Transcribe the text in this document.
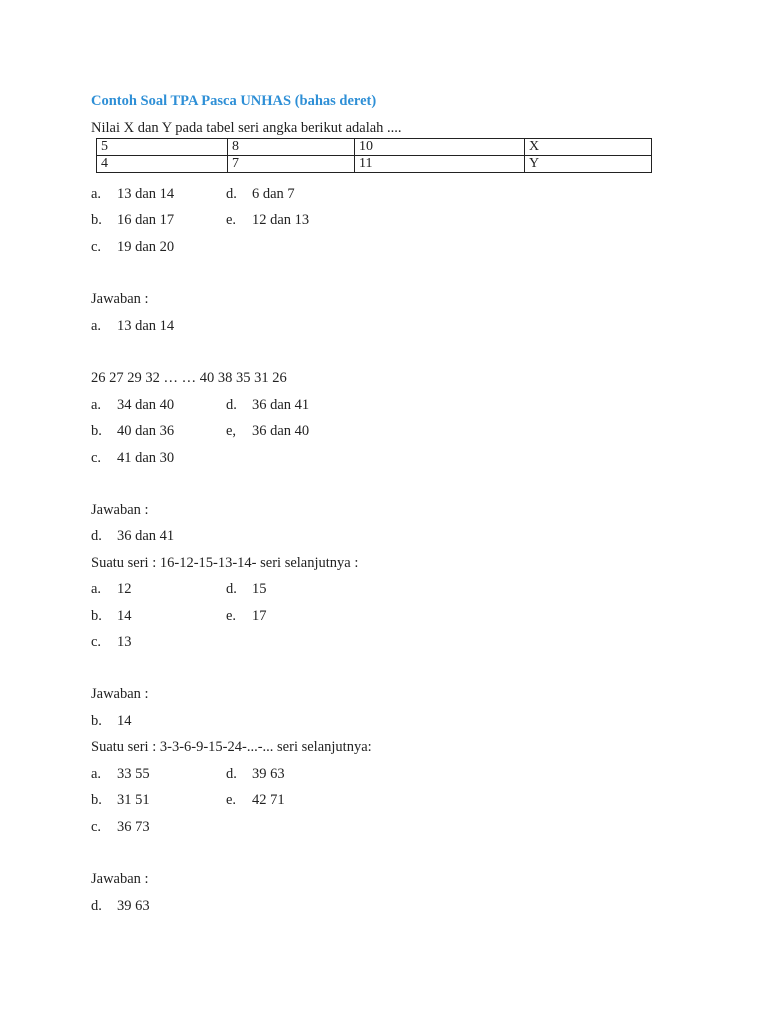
Contoh Soal TPA Pasca UNHAS (bahas deret)
Nilai X dan Y pada tabel seri angka berikut adalah ....
5	8	10	X
4	7	11	Y
a. 13 dan 14	d. 6 dan 7
b. 16 dan 17	e. 12 dan 13
c. 19 dan 20
Jawaban :
a. 13 dan 14
26 27 29 32 … … 40 38 35 31 26
a. 34 dan 40	d. 36 dan 41
b. 40 dan 36	e, 36 dan 40
c. 41 dan 30
Jawaban :
d. 36 dan 41
Suatu seri : 16-12-15-13-14- seri selanjutnya :
a. 12	d. 15
b. 14	e. 17
c. 13
Jawaban :
b. 14
Suatu seri : 3-3-6-9-15-24-...-... seri selanjutnya:
a. 33 55	d. 39 63
b. 31 51	e. 42 71
c. 36 73
Jawaban :
d. 39 63
